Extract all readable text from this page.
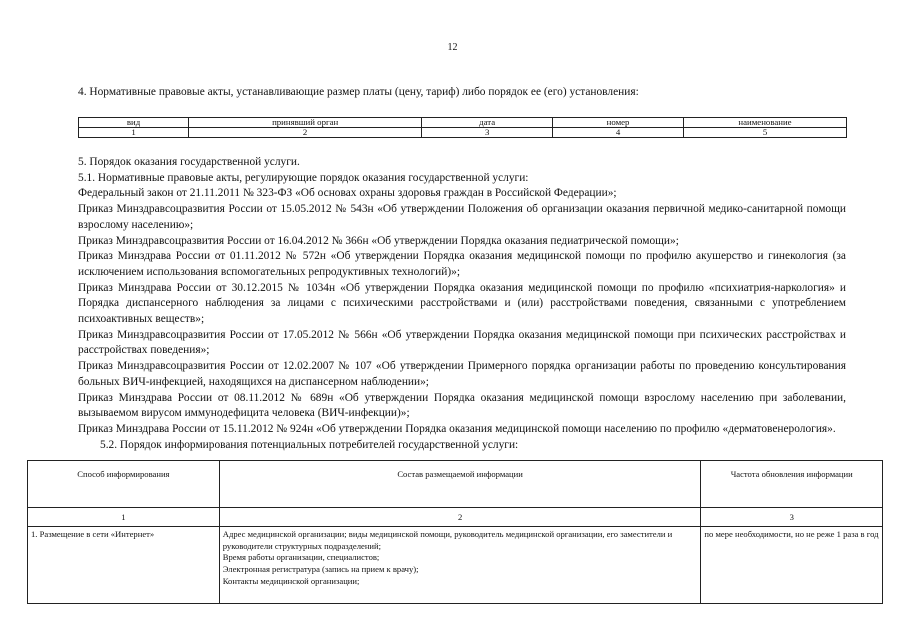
12
4. Нормативные правовые акты, устанавливающие размер платы (цену, тариф) либо порядок ее (его) установления:
вид	принявший орган	дата	номер	наименование
1	2	3	4	5

5. Порядок оказания государственной услуги.

5.1. Нормативные правовые акты, регулирующие порядок оказания государственной услуги:

Федеральный закон от 21.11.2011 № 323-ФЗ «Об основах охраны здоровья граждан в Российской Федерации»;

Приказ Минздравсоцразвития России от 15.05.2012 № 543н «Об утверждении Положения об организации оказания первичной медико-санитарной помощи взрослому населению»;

Приказ Минздравсоцразвития России от 16.04.2012 № 366н «Об утверждении Порядка оказания педиатрической помощи»;

Приказ Минздрава России от 01.11.2012 № 572н «Об утверждении Порядка оказания медицинской помощи по профилю акушерство и гинекология (за исключением использования вспомогательных репродуктивных технологий)»;

Приказ Минздрава России от 30.12.2015 № 1034н «Об утверждении Порядка оказания медицинской помощи по профилю «психиатрия-наркология» и Порядка диспансерного наблюдения за лицами с психическими расстройствами и (или) расстройствами поведения, связанными с употреблением психоактивных веществ»;

Приказ Минздравсоцразвития России от 17.05.2012 № 566н «Об утверждении Порядка оказания медицинской помощи при психических расстройствах и расстройствах поведения»;

Приказ Минздравсоцразвития России от 12.02.2007 № 107 «Об утверждении Примерного порядка организации работы по проведению консультирования больных ВИЧ-инфекцией, находящихся на диспансерном наблюдении»;

Приказ Минздрава России от 08.11.2012 № 689н «Об утверждении Порядка оказания медицинской помощи взрослому населению при заболевании, вызываемом вирусом иммунодефицита человека (ВИЧ-инфекции)»;

Приказ Минздрава России от 15.11.2012 № 924н «Об утверждении Порядка оказания медицинской помощи населению по профилю «дерматовенерология».

5.2. Порядок информирования потенциальных потребителей государственной услуги:

Способ информирования	Состав размещаемой информации	Частота обновления информации
1	2	3
1. Размещение в сети «Интернет»	Адрес медицинской организации; виды медицинской помощи, руководитель медицинской организации, его заместители и руководители структурных подразделений;
Время работы организации, специалистов;
Электронная регистратура (запись на прием к врачу);
Контакты медицинской организации;	по мере необходимости, но не реже 1 раза в год
